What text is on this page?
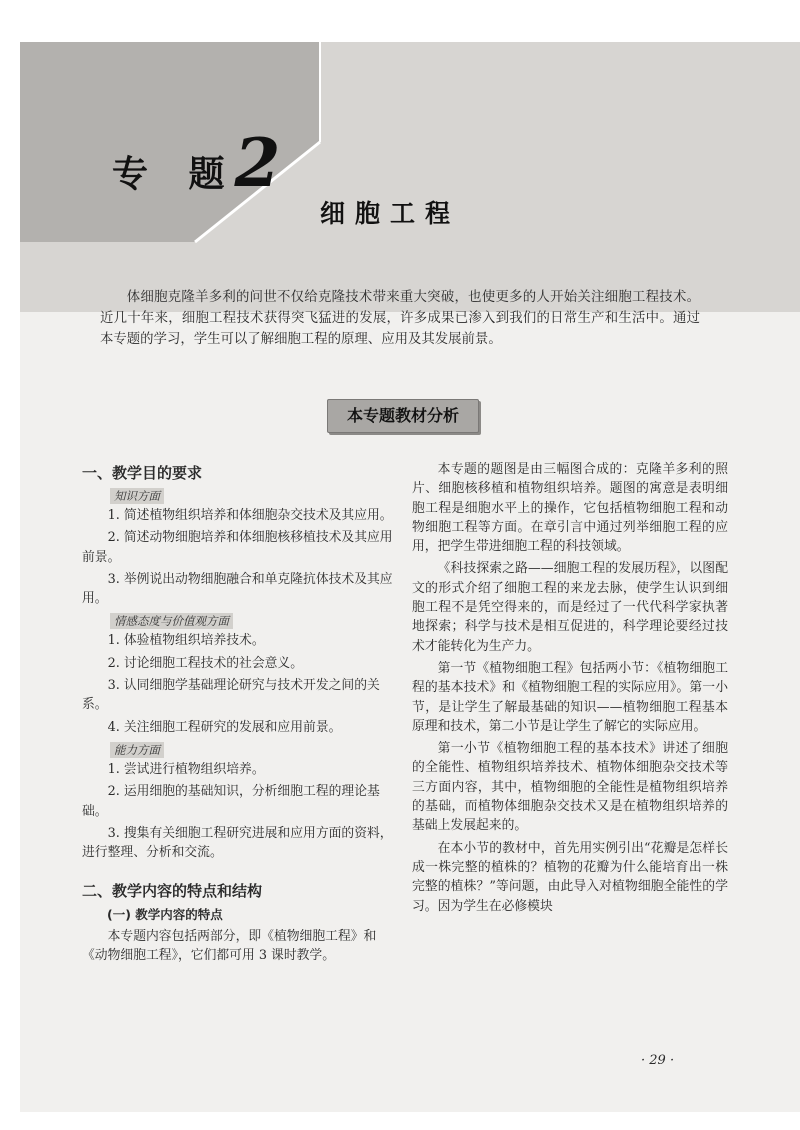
专 题2
细胞工程
体细胞克隆羊多利的问世不仅给克隆技术带来重大突破，也使更多的人开始关注细胞工程技术。近几十年来，细胞工程技术获得突飞猛进的发展，许多成果已渗入到我们的日常生产和生活中。通过本专题的学习，学生可以了解细胞工程的原理、应用及其发展前景。
本专题教材分析
一、教学目的要求
知识方面

1. 简述植物组织培养和体细胞杂交技术及其应用。

2. 简述动物细胞培养和体细胞核移植技术及其应用前景。

3. 举例说出动物细胞融合和单克隆抗体技术及其应用。

情感态度与价值观方面

1. 体验植物组织培养技术。

2. 讨论细胞工程技术的社会意义。

3. 认同细胞学基础理论研究与技术开发之间的关系。

4. 关注细胞工程研究的发展和应用前景。

能力方面

1. 尝试进行植物组织培养。

2. 运用细胞的基础知识，分析细胞工程的理论基础。

3. 搜集有关细胞工程研究进展和应用方面的资料，进行整理、分析和交流。

二、教学内容的特点和结构
(一) 教学内容的特点

本专题内容包括两部分，即《植物细胞工程》和《动物细胞工程》，它们都可用 3 课时教学。

本专题的题图是由三幅图合成的：克隆羊多利的照片、细胞核移植和植物组织培养。题图的寓意是表明细胞工程是细胞水平上的操作，它包括植物细胞工程和动物细胞工程等方面。在章引言中通过列举细胞工程的应用，把学生带进细胞工程的科技领域。

《科技探索之路——细胞工程的发展历程》，以图配文的形式介绍了细胞工程的来龙去脉，使学生认识到细胞工程不是凭空得来的，而是经过了一代代科学家执著地探索；科学与技术是相互促进的，科学理论要经过技术才能转化为生产力。

第一节《植物细胞工程》包括两小节：《植物细胞工程的基本技术》和《植物细胞工程的实际应用》。第一小节，是让学生了解最基础的知识——植物细胞工程基本原理和技术，第二小节是让学生了解它的实际应用。

第一小节《植物细胞工程的基本技术》讲述了细胞的全能性、植物组织培养技术、植物体细胞杂交技术等三方面内容，其中，植物细胞的全能性是植物组织培养的基础，而植物体细胞杂交技术又是在植物组织培养的基础上发展起来的。

在本小节的教材中，首先用实例引出“花瓣是怎样长成一株完整的植株的？植物的花瓣为什么能培育出一株完整的植株？”等问题，由此导入对植物细胞全能性的学习。因为学生在必修模块

· 29 ·
